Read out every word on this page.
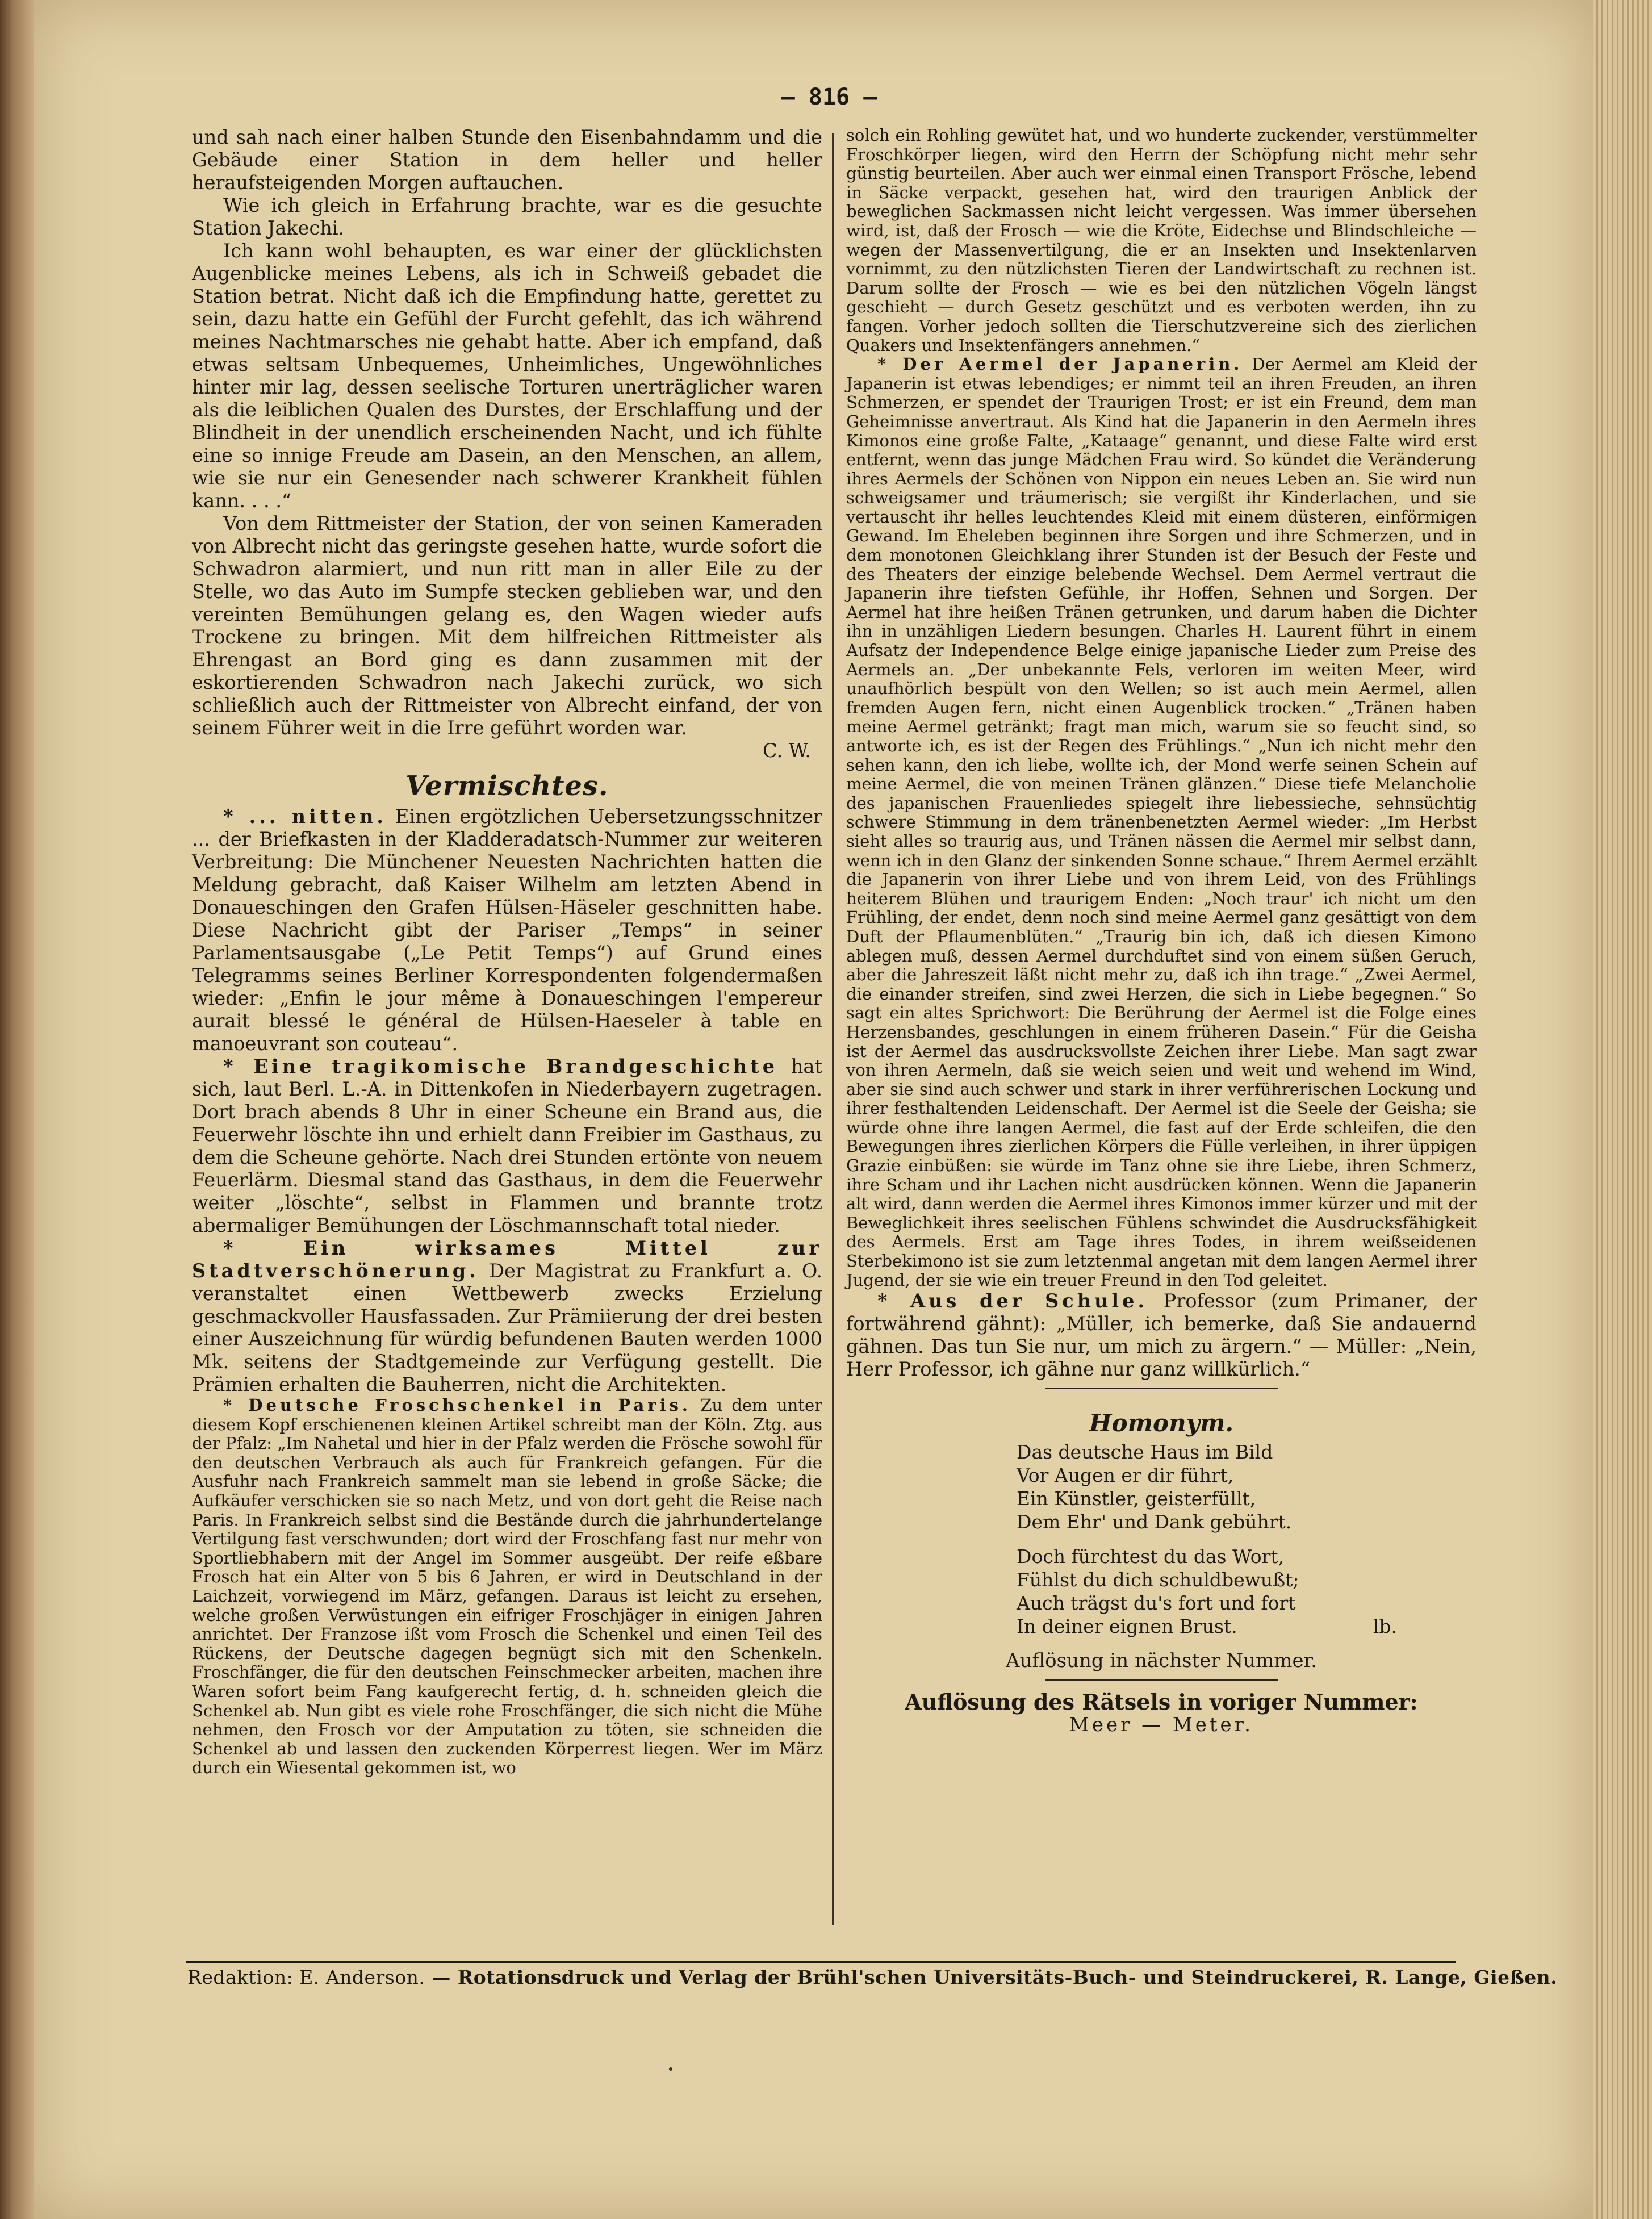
— 816 —

und sah nach einer halben Stunde den Eisenbahndamm und die Gebäude einer Station in dem heller und heller heraufsteigenden Morgen auftauchen.

Wie ich gleich in Erfahrung brachte, war es die gesuchte Station Jakechi.

Ich kann wohl behaupten, es war einer der glücklichsten Augenblicke meines Lebens, als ich in Schweiß gebadet die Station betrat. Nicht daß ich die Empfindung hatte, gerettet zu sein, dazu hatte ein Gefühl der Furcht gefehlt, das ich während meines Nachtmarsches nie gehabt hatte. Aber ich empfand, daß etwas seltsam Unbequemes, Unheimliches, Ungewöhnliches hinter mir lag, dessen seelische Torturen unerträglicher waren als die leiblichen Qualen des Durstes, der Erschlaffung und der Blindheit in der unendlich erscheinenden Nacht, und ich fühlte eine so innige Freude am Dasein, an den Menschen, an allem, wie sie nur ein Genesender nach schwerer Krankheit fühlen kann. . . .“

Von dem Rittmeister der Station, der von seinen Kameraden von Albrecht nicht das geringste gesehen hatte, wurde sofort die Schwadron alarmiert, und nun ritt man in aller Eile zu der Stelle, wo das Auto im Sumpfe stecken geblieben war, und den vereinten Bemühungen gelang es, den Wagen wieder aufs Trockene zu bringen. Mit dem hilfreichen Rittmeister als Ehrengast an Bord ging es dann zusammen mit der eskortierenden Schwadron nach Jakechi zurück, wo sich schließlich auch der Rittmeister von Albrecht einfand, der von seinem Führer weit in die Irre geführt worden war.

C. W.

Vermischtes.

* ... nitten. Einen ergötzlichen Uebersetzungsschnitzer ... der Briefkasten in der Kladderadatsch-Nummer zur weiteren Verbreitung: Die Münchener Neuesten Nachrichten hatten die Meldung gebracht, daß Kaiser Wilhelm am letzten Abend in Donaueschingen den Grafen Hülsen-Häseler geschnitten habe. Diese Nachricht gibt der Pariser „Temps“ in seiner Parlamentsausgabe („Le Petit Temps“) auf Grund eines Telegramms seines Berliner Korrespondenten folgendermaßen wieder: „Enfin le jour même à Donaueschingen l'empereur aurait blessé le général de Hülsen-Haeseler à table en manoeuvrant son couteau“.

* Eine tragikomische Brandgeschichte hat sich, laut Berl. L.-A. in Dittenkofen in Niederbayern zugetragen. Dort brach abends 8 Uhr in einer Scheune ein Brand aus, die Feuerwehr löschte ihn und erhielt dann Freibier im Gasthaus, zu dem die Scheune gehörte. Nach drei Stunden ertönte von neuem Feuerlärm. Diesmal stand das Gasthaus, in dem die Feuerwehr weiter „löschte“, selbst in Flammen und brannte trotz abermaliger Bemühungen der Löschmannschaft total nieder.

* Ein wirksames Mittel zur Stadtverschönerung. Der Magistrat zu Frankfurt a. O. veranstaltet einen Wettbewerb zwecks Erzielung geschmackvoller Hausfassaden. Zur Prämiierung der drei besten einer Auszeichnung für würdig befundenen Bauten werden 1000 Mk. seitens der Stadtgemeinde zur Verfügung gestellt. Die Prämien erhalten die Bauherren, nicht die Architekten.

* Deutsche Froschschenkel in Paris. Zu dem unter diesem Kopf erschienenen kleinen Artikel schreibt man der Köln. Ztg. aus der Pfalz: „Im Nahetal und hier in der Pfalz werden die Frösche sowohl für den deutschen Verbrauch als auch für Frankreich gefangen. Für die Ausfuhr nach Frankreich sammelt man sie lebend in große Säcke; die Aufkäufer verschicken sie so nach Metz, und von dort geht die Reise nach Paris. In Frankreich selbst sind die Bestände durch die jahrhundertelange Vertilgung fast verschwunden; dort wird der Froschfang fast nur mehr von Sportliebhabern mit der Angel im Sommer ausgeübt. Der reife eßbare Frosch hat ein Alter von 5 bis 6 Jahren, er wird in Deutschland in der Laichzeit, vorwiegend im März, gefangen. Daraus ist leicht zu ersehen, welche großen Verwüstungen ein eifriger Froschjäger in einigen Jahren anrichtet. Der Franzose ißt vom Frosch die Schenkel und einen Teil des Rückens, der Deutsche dagegen begnügt sich mit den Schenkeln. Froschfänger, die für den deutschen Feinschmecker arbeiten, machen ihre Waren sofort beim Fang kaufgerecht fertig, d. h. schneiden gleich die Schenkel ab. Nun gibt es viele rohe Froschfänger, die sich nicht die Mühe nehmen, den Frosch vor der Amputation zu töten, sie schneiden die Schenkel ab und lassen den zuckenden Körperrest liegen. Wer im März durch ein Wiesental gekommen ist, wo

solch ein Rohling gewütet hat, und wo hunderte zuckender, verstümmelter Froschkörper liegen, wird den Herrn der Schöpfung nicht mehr sehr günstig beurteilen. Aber auch wer einmal einen Transport Frösche, lebend in Säcke verpackt, gesehen hat, wird den traurigen Anblick der beweglichen Sackmassen nicht leicht vergessen. Was immer übersehen wird, ist, daß der Frosch — wie die Kröte, Eidechse und Blindschleiche — wegen der Massenvertilgung, die er an Insekten und Insektenlarven vornimmt, zu den nützlichsten Tieren der Landwirtschaft zu rechnen ist. Darum sollte der Frosch — wie es bei den nützlichen Vögeln längst geschieht — durch Gesetz geschützt und es verboten werden, ihn zu fangen. Vorher jedoch sollten die Tierschutzvereine sich des zierlichen Quakers und Insektenfängers annehmen.“

* Der Aermel der Japanerin. Der Aermel am Kleid der Japanerin ist etwas lebendiges; er nimmt teil an ihren Freuden, an ihren Schmerzen, er spendet der Traurigen Trost; er ist ein Freund, dem man Geheimnisse anvertraut. Als Kind hat die Japanerin in den Aermeln ihres Kimonos eine große Falte, „Kataage“ genannt, und diese Falte wird erst entfernt, wenn das junge Mädchen Frau wird. So kündet die Veränderung ihres Aermels der Schönen von Nippon ein neues Leben an. Sie wird nun schweigsamer und träumerisch; sie vergißt ihr Kinderlachen, und sie vertauscht ihr helles leuchtendes Kleid mit einem düsteren, einförmigen Gewand. Im Eheleben beginnen ihre Sorgen und ihre Schmerzen, und in dem monotonen Gleichklang ihrer Stunden ist der Besuch der Feste und des Theaters der einzige belebende Wechsel. Dem Aermel vertraut die Japanerin ihre tiefsten Gefühle, ihr Hoffen, Sehnen und Sorgen. Der Aermel hat ihre heißen Tränen getrunken, und darum haben die Dichter ihn in unzähligen Liedern besungen. Charles H. Laurent führt in einem Aufsatz der Independence Belge einige japanische Lieder zum Preise des Aermels an. „Der unbekannte Fels, verloren im weiten Meer, wird unaufhörlich bespült von den Wellen; so ist auch mein Aermel, allen fremden Augen fern, nicht einen Augenblick trocken.“ „Tränen haben meine Aermel getränkt; fragt man mich, warum sie so feucht sind, so antworte ich, es ist der Regen des Frühlings.“ „Nun ich nicht mehr den sehen kann, den ich liebe, wollte ich, der Mond werfe seinen Schein auf meine Aermel, die von meinen Tränen glänzen.“ Diese tiefe Melancholie des japanischen Frauenliedes spiegelt ihre liebessieche, sehnsüchtig schwere Stimmung in dem tränenbenetzten Aermel wieder: „Im Herbst sieht alles so traurig aus, und Tränen nässen die Aermel mir selbst dann, wenn ich in den Glanz der sinkenden Sonne schaue.“ Ihrem Aermel erzählt die Japanerin von ihrer Liebe und von ihrem Leid, von des Frühlings heiterem Blühen und traurigem Enden: „Noch traur' ich nicht um den Frühling, der endet, denn noch sind meine Aermel ganz gesättigt von dem Duft der Pflaumenblüten.“ „Traurig bin ich, daß ich diesen Kimono ablegen muß, dessen Aermel durchduftet sind von einem süßen Geruch, aber die Jahreszeit läßt nicht mehr zu, daß ich ihn trage.“ „Zwei Aermel, die einander streifen, sind zwei Herzen, die sich in Liebe begegnen.“ So sagt ein altes Sprichwort: Die Berührung der Aermel ist die Folge eines Herzensbandes, geschlungen in einem früheren Dasein.“ Für die Geisha ist der Aermel das ausdrucksvollste Zeichen ihrer Liebe. Man sagt zwar von ihren Aermeln, daß sie weich seien und weit und wehend im Wind, aber sie sind auch schwer und stark in ihrer verführerischen Lockung und ihrer festhaltenden Leidenschaft. Der Aermel ist die Seele der Geisha; sie würde ohne ihre langen Aermel, die fast auf der Erde schleifen, die den Bewegungen ihres zierlichen Körpers die Fülle verleihen, in ihrer üppigen Grazie einbüßen: sie würde im Tanz ohne sie ihre Liebe, ihren Schmerz, ihre Scham und ihr Lachen nicht ausdrücken können. Wenn die Japanerin alt wird, dann werden die Aermel ihres Kimonos immer kürzer und mit der Beweglichkeit ihres seelischen Fühlens schwindet die Ausdrucksfähigkeit des Aermels. Erst am Tage ihres Todes, in ihrem weißseidenen Sterbekimono ist sie zum letztenmal angetan mit dem langen Aermel ihrer Jugend, der sie wie ein treuer Freund in den Tod geleitet.

* Aus der Schule. Professor (zum Primaner, der fortwährend gähnt): „Müller, ich bemerke, daß Sie andauernd gähnen. Das tun Sie nur, um mich zu ärgern.“ — Müller: „Nein, Herr Professor, ich gähne nur ganz willkürlich.“

Homonym.
Das deutsche Haus im Bild
Vor Augen er dir führt,
Ein Künstler, geisterfüllt,
Dem Ehr' und Dank gebührt.
Doch fürchtest du das Wort,
Fühlst du dich schuldbewußt;
Auch trägst du's fort und fort
In deiner eignen Brust.	lb.
Auflösung in nächster Nummer.
Auflösung des Rätsels in voriger Nummer:
Meer — Meter.
Redaktion: E. Anderson. — Rotationsdruck und Verlag der Brühl'schen Universitäts-Buch- und Steindruckerei, R. Lange, Gießen.
